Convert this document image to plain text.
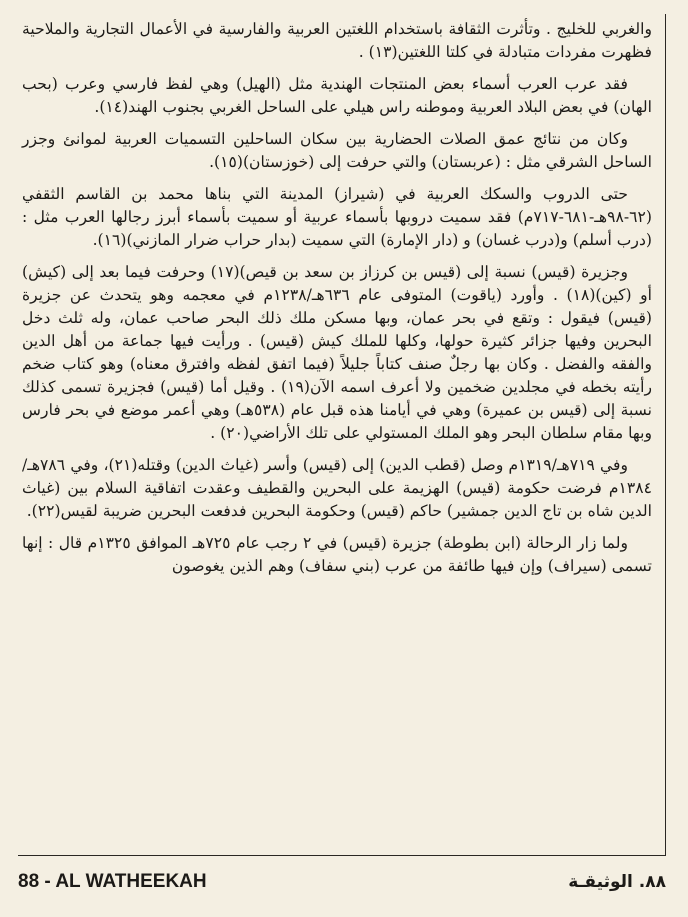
والغربي للخليج . وتأثرت الثقافة باستخدام اللغتين العربية والفارسية في الأعمال التجارية والملاحية فظهرت مفردات متبادلة في كلتا اللغتين(١٣) .

فقد عرب العرب أسماء بعض المنتجات الهندية مثل (الهيل) وهي لفظ فارسي وعرب (بحب الهان) في بعض البلاد العربية وموطنه راس هيلي على الساحل الغربي بجنوب الهند(١٤).

وكان من نتائج عمق الصلات الحضارية بين سكان الساحلين التسميات العربية لموانئ وجزر الساحل الشرقي مثل : (عربستان) والتي حرفت إلى (خوزستان)(١٥).

حتى الدروب والسكك العربية في (شيراز) المدينة التي بناها محمد بن القاسم الثقفي (٦٢-٩٨هـ-٦٨١-٧١٧م) فقد سميت دروبها بأسماء عربية أو سميت بأسماء أبرز رجالها العرب مثل : (درب أسلم) و(درب غسان) و (دار الإمارة) التي سميت (بدار حراب ضرار المازني)(١٦).

وجزيرة (قيس) نسبة إلى (قيس بن كرزاز بن سعد بن قيص)(١٧) وحرفت فيما بعد إلى (كيش) أو (كين)(١٨) . وأورد (ياقوت) المتوفى عام ٦٣٦هـ/١٢٣٨م في معجمه وهو يتحدث عن جزيرة (قيس) فيقول : وتقع في بحر عمان، وبها مسكن ملك ذلك البحر صاحب عمان، وله ثلث دخل البحرين وفيها جزائر كثيرة حولها، وكلها للملك كيش (قيس) . ورأيت فيها جماعة من أهل الدين والفقه والفضل . وكان بها رجلٌ صنف كتاباً جليلاً (فيما اتفق لفظه وافترق معناه) وهو كتاب ضخم رأيته بخطه في مجلدين ضخمين ولا أعرف اسمه الآن(١٩) . وقيل أما (قيس) فجزيرة تسمى كذلك نسبة إلى (قيس بن عميرة) وهي في أيامنا هذه قبل عام (٥٣٨هـ) وهي أعمر موضع في بحر فارس وبها مقام سلطان البحر وهو الملك المستولي على تلك الأراضي(٢٠) .

وفي ٧١٩هـ/١٣١٩م وصل (قطب الدين) إلى (قيس) وأسر (غياث الدين) وقتله(٢١)، وفي ٧٨٦هـ/١٣٨٤م فرضت حكومة (قيس) الهزيمة على البحرين والقطيف وعقدت اتفاقية السلام بين (غياث الدين شاه بن تاج الدين جمشير) حاكم (قيس) وحكومة البحرين فدفعت البحرين ضريبة لقيس(٢٢).

ولما زار الرحالة (ابن بطوطة) جزيرة (قيس) في ٢ رجب عام ٧٢٥هـ الموافق ١٣٢٥م قال : إنها تسمى (سيراف) وإن فيها طائفة من عرب (بني سفاف) وهم الذين يغوصون

88 - AL WATHEEKAH	٨٨. الوثيقـة
